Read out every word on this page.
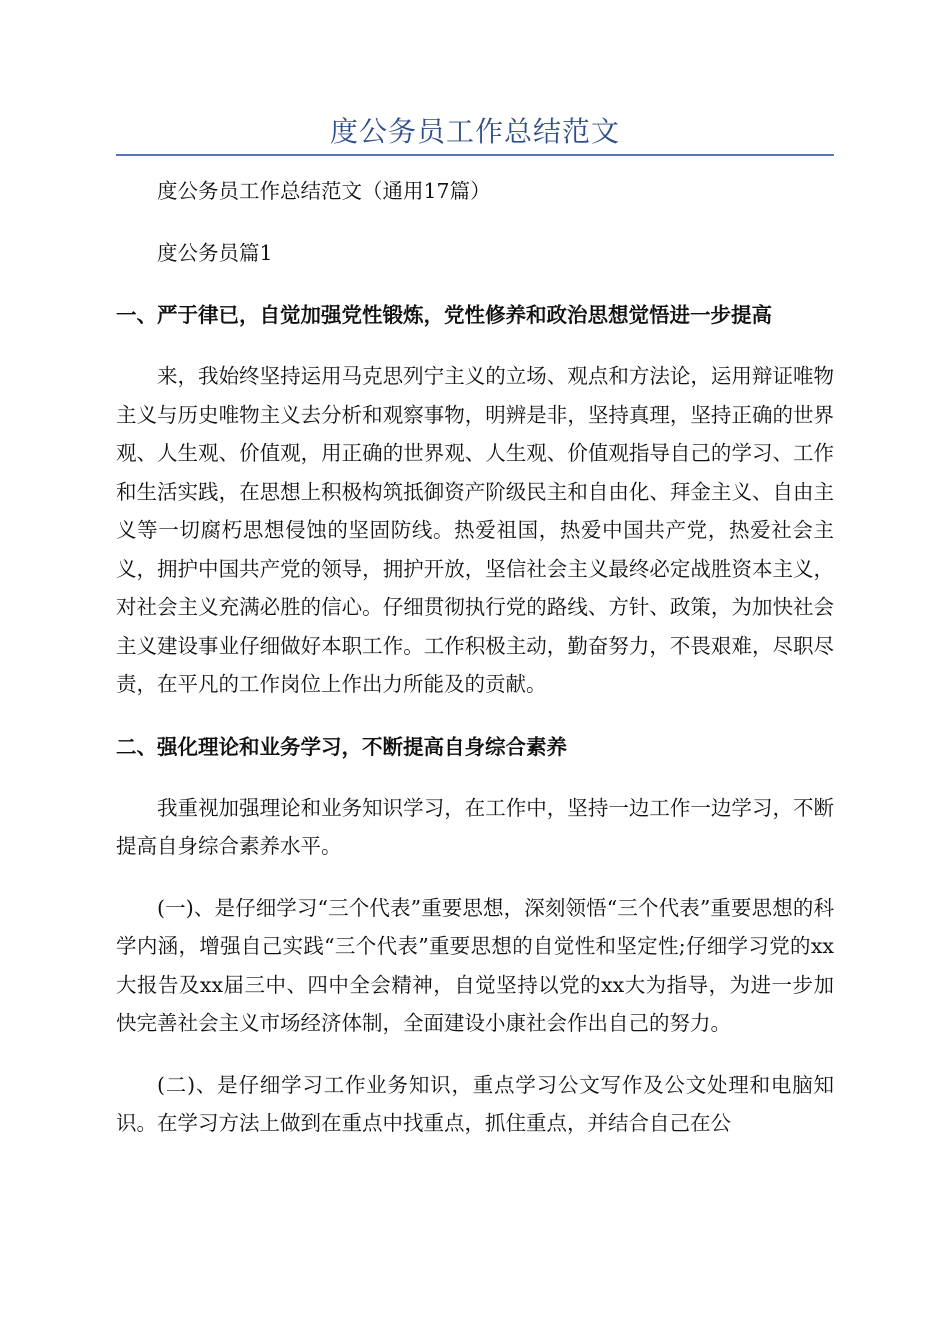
度公务员工作总结范文

度公务员工作总结范文（通用17篇）

度公务员篇1

一、严于律已，自觉加强党性锻炼，党性修养和政治思想觉悟进一步提高

来，我始终坚持运用马克思列宁主义的立场、观点和方法论，运用辩证唯物主义与历史唯物主义去分析和观察事物，明辨是非，坚持真理，坚持正确的世界观、人生观、价值观，用正确的世界观、人生观、价值观指导自己的学习、工作和生活实践，在思想上积极构筑抵御资产阶级民主和自由化、拜金主义、自由主义等一切腐朽思想侵蚀的坚固防线。热爱祖国，热爱中国共产党，热爱社会主义，拥护中国共产党的领导，拥护开放，坚信社会主义最终必定战胜资本主义，对社会主义充满必胜的信心。仔细贯彻执行党的路线、方针、政策，为加快社会主义建设事业仔细做好本职工作。工作积极主动，勤奋努力，不畏艰难，尽职尽责，在平凡的工作岗位上作出力所能及的贡献。

二、强化理论和业务学习，不断提高自身综合素养

我重视加强理论和业务知识学习，在工作中，坚持一边工作一边学习，不断提高自身综合素养水平。

(一)、是仔细学习“三个代表”重要思想，深刻领悟“三个代表”重要思想的科学内涵，增强自己实践“三个代表”重要思想的自觉性和坚定性;仔细学习党的xx大报告及xx届三中、四中全会精神，自觉坚持以党的xx大为指导，为进一步加快完善社会主义市场经济体制，全面建设小康社会作出自己的努力。

(二)、是仔细学习工作业务知识，重点学习公文写作及公文处理和电脑知识。在学习方法上做到在重点中找重点，抓住重点，并结合自己在公
